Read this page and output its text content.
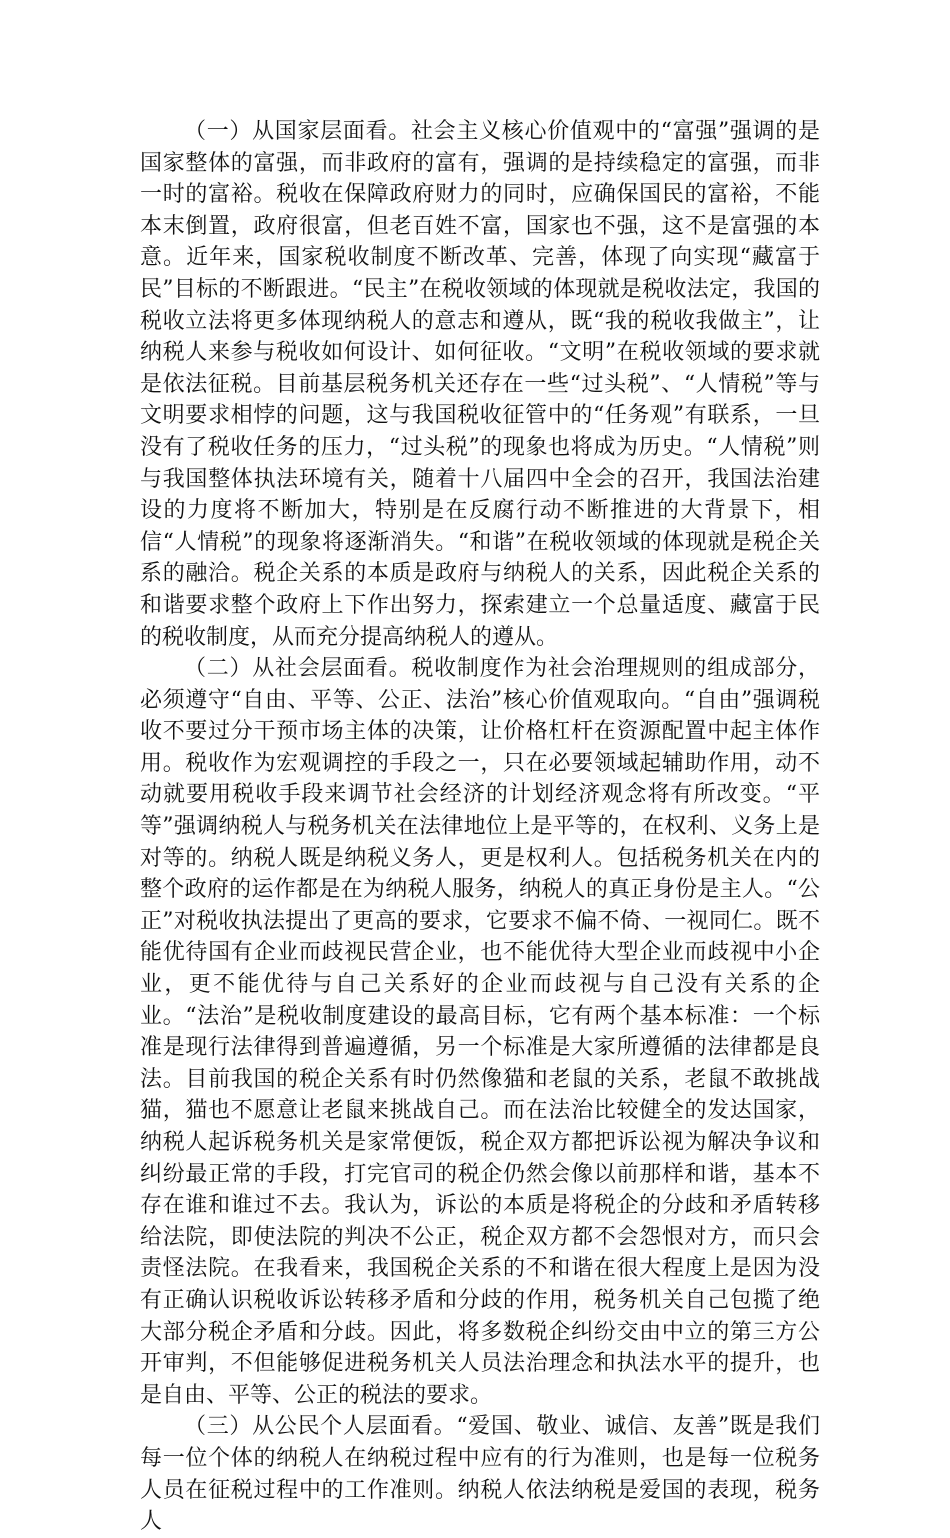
（一）从国家层面看。社会主义核心价值观中的“富强”强调的是国家整体的富强，而非政府的富有，强调的是持续稳定的富强，而非一时的富裕。税收在保障政府财力的同时，应确保国民的富裕，不能本末倒置，政府很富，但老百姓不富，国家也不强，这不是富强的本意。近年来，国家税收制度不断改革、完善，体现了向实现“藏富于民”目标的不断跟进。“民主”在税收领域的体现就是税收法定，我国的税收立法将更多体现纳税人的意志和遵从，既“我的税收我做主”，让纳税人来参与税收如何设计、如何征收。“文明”在税收领域的要求就是依法征税。目前基层税务机关还存在一些“过头税”、“人情税”等与文明要求相悖的问题，这与我国税收征管中的“任务观”有联系，一旦没有了税收任务的压力，“过头税”的现象也将成为历史。“人情税”则与我国整体执法环境有关，随着十八届四中全会的召开，我国法治建设的力度将不断加大，特别是在反腐行动不断推进的大背景下，相信“人情税”的现象将逐渐消失。“和谐”在税收领域的体现就是税企关系的融洽。税企关系的本质是政府与纳税人的关系，因此税企关系的和谐要求整个政府上下作出努力，探索建立一个总量适度、藏富于民的税收制度，从而充分提高纳税人的遵从。

（二）从社会层面看。税收制度作为社会治理规则的组成部分，必须遵守“自由、平等、公正、法治”核心价值观取向。“自由”强调税收不要过分干预市场主体的决策，让价格杠杆在资源配置中起主体作用。税收作为宏观调控的手段之一，只在必要领域起辅助作用，动不动就要用税收手段来调节社会经济的计划经济观念将有所改变。“平等”强调纳税人与税务机关在法律地位上是平等的，在权利、义务上是对等的。纳税人既是纳税义务人，更是权利人。包括税务机关在内的整个政府的运作都是在为纳税人服务，纳税人的真正身份是主人。“公正”对税收执法提出了更高的要求，它要求不偏不倚、一视同仁。既不能优待国有企业而歧视民营企业，也不能优待大型企业而歧视中小企业，更不能优待与自己关系好的企业而歧视与自己没有关系的企业。“法治”是税收制度建设的最高目标，它有两个基本标准：一个标准是现行法律得到普遍遵循，另一个标准是大家所遵循的法律都是良法。目前我国的税企关系有时仍然像猫和老鼠的关系，老鼠不敢挑战猫，猫也不愿意让老鼠来挑战自己。而在法治比较健全的发达国家，纳税人起诉税务机关是家常便饭，税企双方都把诉讼视为解决争议和纠纷最正常的手段，打完官司的税企仍然会像以前那样和谐，基本不存在谁和谁过不去。我认为，诉讼的本质是将税企的分歧和矛盾转移给法院，即使法院的判决不公正，税企双方都不会怨恨对方，而只会责怪法院。在我看来，我国税企关系的不和谐在很大程度上是因为没有正确认识税收诉讼转移矛盾和分歧的作用，税务机关自己包揽了绝大部分税企矛盾和分歧。因此，将多数税企纠纷交由中立的第三方公开审判，不但能够促进税务机关人员法治理念和执法水平的提升，也是自由、平等、公正的税法的要求。

（三）从公民个人层面看。“爱国、敬业、诚信、友善”既是我们每一位个体的纳税人在纳税过程中应有的行为准则，也是每一位税务人员在征税过程中的工作准则。纳税人依法纳税是爱国的表现，税务人
